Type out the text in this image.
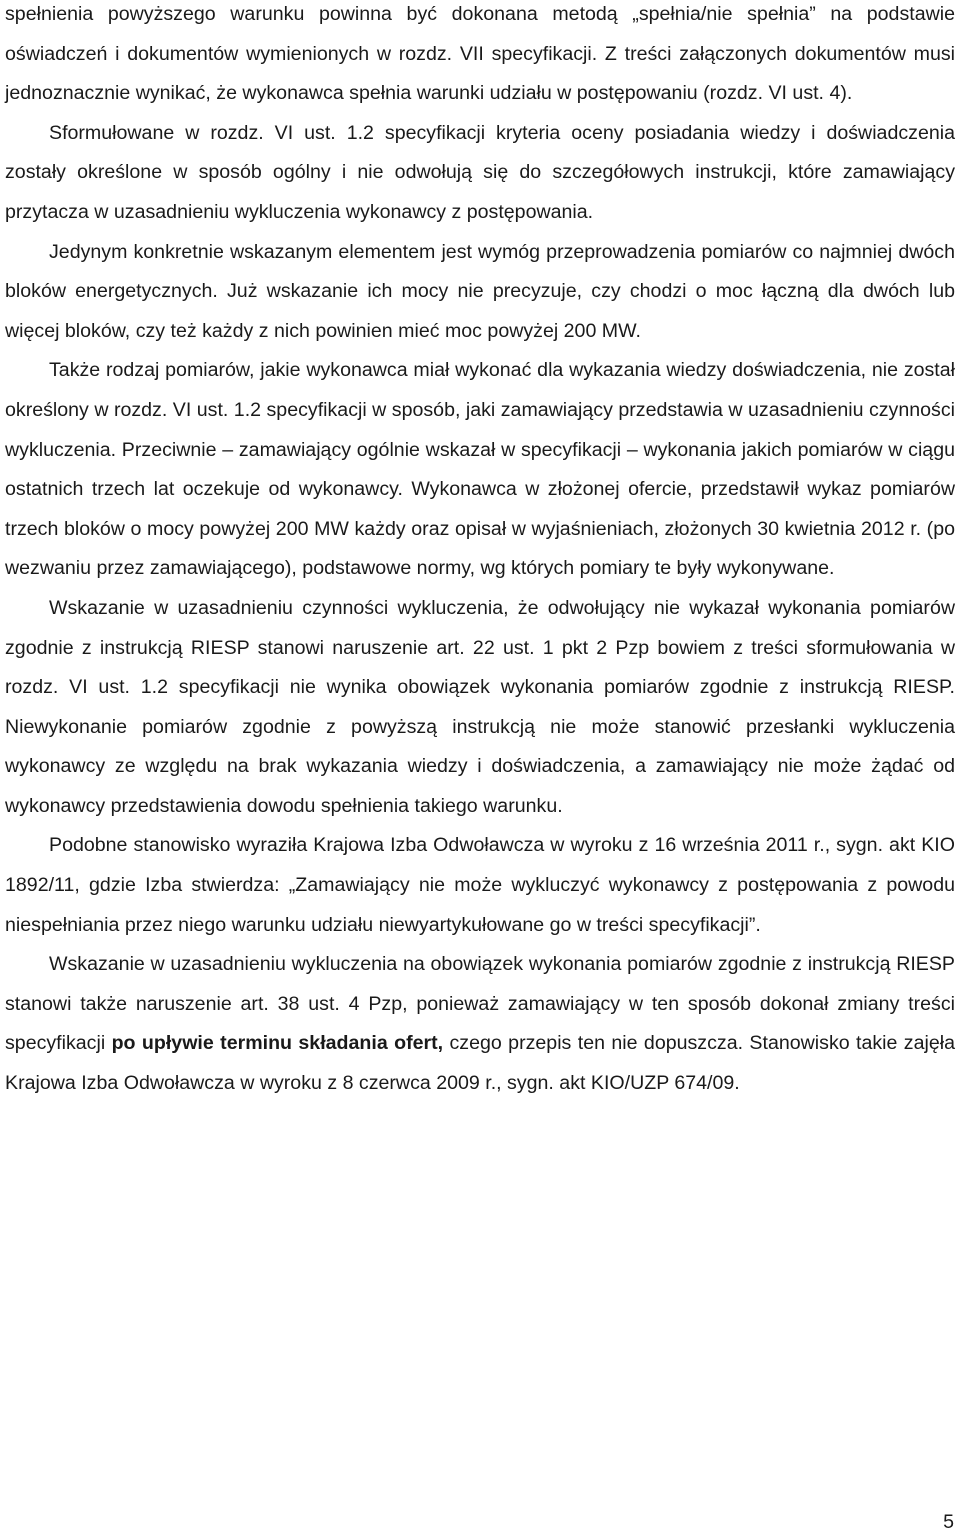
spełnienia powyższego warunku powinna być dokonana metodą „spełnia/nie spełnia” na podstawie oświadczeń i dokumentów wymienionych w rozdz. VII specyfikacji. Z treści załączonych dokumentów musi jednoznacznie wynikać, że wykonawca spełnia warunki udziału w postępowaniu (rozdz. VI ust. 4).

Sformułowane w rozdz. VI ust. 1.2 specyfikacji kryteria oceny posiadania wiedzy i doświadczenia zostały określone w sposób ogólny i nie odwołują się do szczegółowych instrukcji, które zamawiający przytacza w uzasadnieniu wykluczenia wykonawcy z postępowania.

Jedynym konkretnie wskazanym elementem jest wymóg przeprowadzenia pomiarów co najmniej dwóch bloków energetycznych. Już wskazanie ich mocy nie precyzuje, czy chodzi o moc łączną dla dwóch lub więcej bloków, czy też każdy z nich powinien mieć moc powyżej 200 MW.

Także rodzaj pomiarów, jakie wykonawca miał wykonać dla wykazania wiedzy doświadczenia, nie został określony w rozdz. VI ust. 1.2 specyfikacji w sposób, jaki zamawiający przedstawia w uzasadnieniu czynności wykluczenia. Przeciwnie – zamawiający ogólnie wskazał w specyfikacji – wykonania jakich pomiarów w ciągu ostatnich trzech lat oczekuje od wykonawcy. Wykonawca w złożonej ofercie, przedstawił wykaz pomiarów trzech bloków o mocy powyżej 200 MW każdy oraz opisał w wyjaśnieniach, złożonych 30 kwietnia 2012 r. (po wezwaniu przez zamawiającego), podstawowe normy, wg których pomiary te były wykonywane.

Wskazanie w uzasadnieniu czynności wykluczenia, że odwołujący nie wykazał wykonania pomiarów zgodnie z instrukcją RIESP stanowi naruszenie art. 22 ust. 1 pkt 2 Pzp bowiem z treści sformułowania w rozdz. VI ust. 1.2 specyfikacji nie wynika obowiązek wykonania pomiarów zgodnie z instrukcją RIESP. Niewykonanie pomiarów zgodnie z powyższą instrukcją nie może stanowić przesłanki wykluczenia wykonawcy ze względu na brak wykazania wiedzy i doświadczenia, a zamawiający nie może żądać od wykonawcy przedstawienia dowodu spełnienia takiego warunku.

Podobne stanowisko wyraziła Krajowa Izba Odwoławcza w wyroku z 16 września 2011 r., sygn. akt KIO 1892/11, gdzie Izba stwierdza: „Zamawiający nie może wykluczyć wykonawcy z postępowania z powodu niespełniania przez niego warunku udziału niewyartykułowane go w treści specyfikacji”.

Wskazanie w uzasadnieniu wykluczenia na obowiązek wykonania pomiarów zgodnie z instrukcją RIESP stanowi także naruszenie art. 38 ust. 4 Pzp, ponieważ zamawiający w ten sposób dokonał zmiany treści specyfikacji po upływie terminu składania ofert, czego przepis ten nie dopuszcza. Stanowisko takie zajęła Krajowa Izba Odwoławcza w wyroku z 8 czerwca 2009 r., sygn. akt KIO/UZP 674/09.

5
